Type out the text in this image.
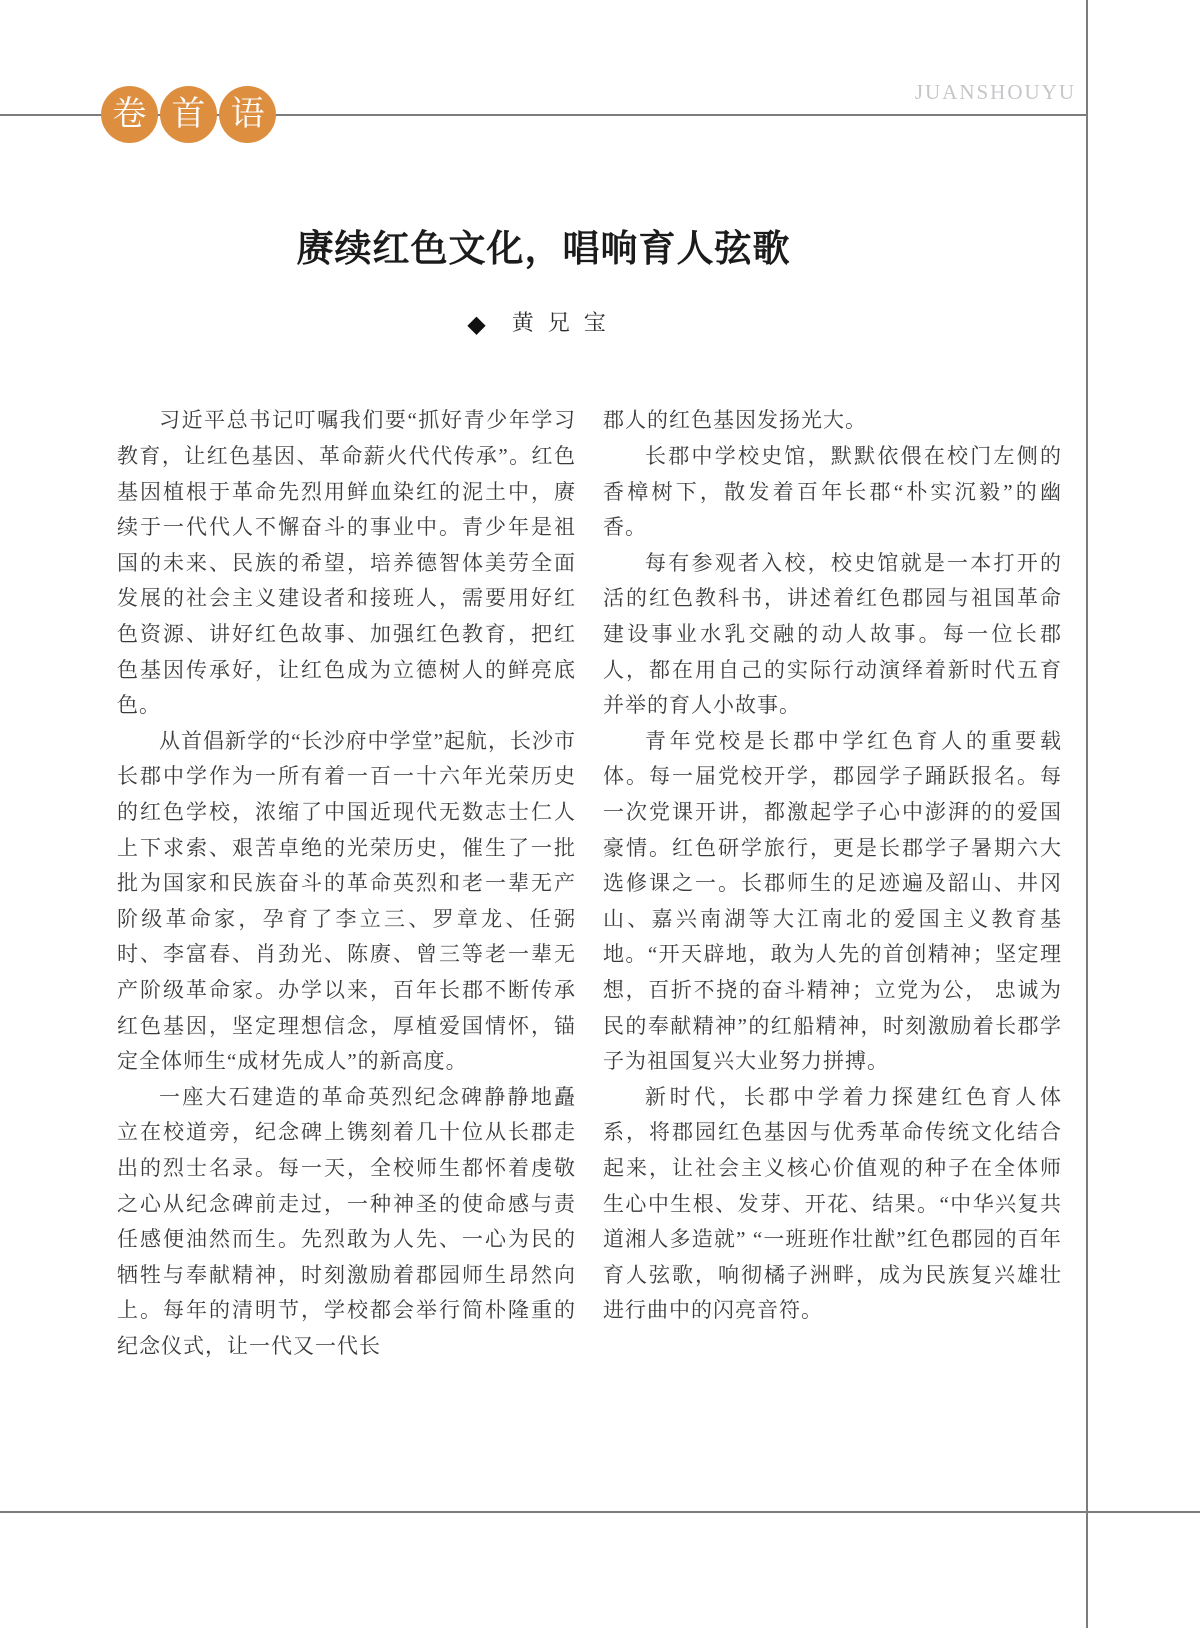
JUANSHOUYU
卷 首 语
赓续红色文化，唱响育人弦歌
◆ 黄兄宝

习近平总书记叮嘱我们要“抓好青少年学习教育，让红色基因、革命薪火代代传承”。红色基因植根于革命先烈用鲜血染红的泥土中，赓续于一代代人不懈奋斗的事业中。青少年是祖国的未来、民族的希望，培养德智体美劳全面发展的社会主义建设者和接班人，需要用好红色资源、讲好红色故事、加强红色教育，把红色基因传承好，让红色成为立德树人的鲜亮底色。

从首倡新学的“长沙府中学堂”起航，长沙市长郡中学作为一所有着一百一十六年光荣历史的红色学校，浓缩了中国近现代无数志士仁人上下求索、艰苦卓绝的光荣历史，催生了一批批为国家和民族奋斗的革命英烈和老一辈无产阶级革命家，孕育了李立三、罗章龙、任弼时、李富春、肖劲光、陈赓、曾三等老一辈无产阶级革命家。办学以来，百年长郡不断传承红色基因，坚定理想信念，厚植爱国情怀，锚定全体师生“成材先成人”的新高度。

一座大石建造的革命英烈纪念碑静静地矗立在校道旁，纪念碑上镌刻着几十位从长郡走出的烈士名录。每一天，全校师生都怀着虔敬之心从纪念碑前走过，一种神圣的使命感与责任感便油然而生。先烈敢为人先、一心为民的牺牲与奉献精神，时刻激励着郡园师生昂然向上。每年的清明节，学校都会举行简朴隆重的纪念仪式，让一代又一代长

郡人的红色基因发扬光大。

长郡中学校史馆，默默依偎在校门左侧的香樟树下，散发着百年长郡“朴实沉毅”的幽香。

每有参观者入校，校史馆就是一本打开的活的红色教科书，讲述着红色郡园与祖国革命建设事业水乳交融的动人故事。每一位长郡人，都在用自己的实际行动演绎着新时代五育并举的育人小故事。

青年党校是长郡中学红色育人的重要载体。每一届党校开学，郡园学子踊跃报名。每一次党课开讲，都激起学子心中澎湃的的爱国豪情。红色研学旅行，更是长郡学子暑期六大选修课之一。长郡师生的足迹遍及韶山、井冈山、嘉兴南湖等大江南北的爱国主义教育基地。“开天辟地，敢为人先的首创精神；坚定理想，百折不挠的奋斗精神；立党为公， 忠诚为民的奉献精神”的红船精神，时刻激励着长郡学子为祖国复兴大业努力拼搏。

新时代，长郡中学着力探建红色育人体系，将郡园红色基因与优秀革命传统文化结合起来，让社会主义核心价值观的种子在全体师生心中生根、发芽、开花、结果。“中华兴复共道湘人多造就” “一班班作壮猷”红色郡园的百年育人弦歌，响彻橘子洲畔，成为民族复兴雄壮进行曲中的闪亮音符。
